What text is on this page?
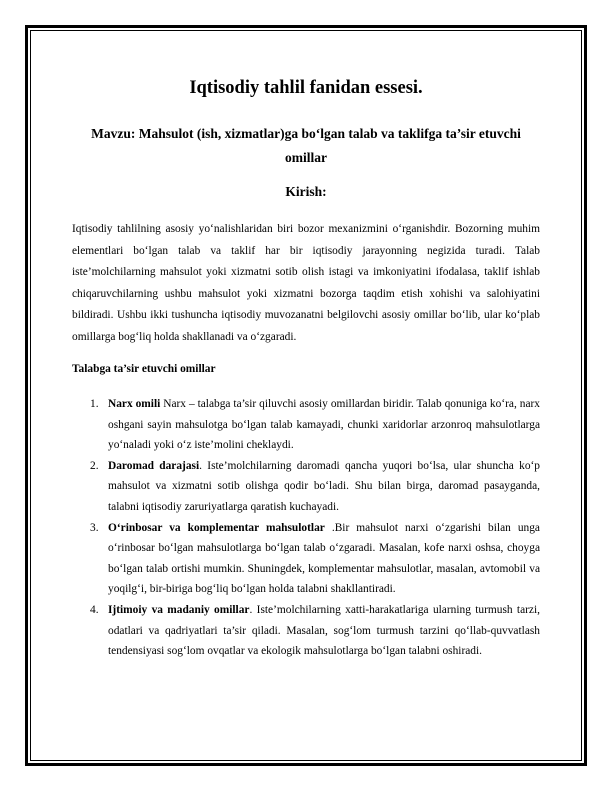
Iqtisodiy tahlil fanidan essesi.
Mavzu: Mahsulot (ish, xizmatlar)ga bo‘lgan talab va taklifga ta’sir etuvchi omillar
Kirish:

Iqtisodiy tahlilning asosiy yo‘nalishlaridan biri bozor mexanizmini o‘rganishdir. Bozorning muhim elementlari bo‘lgan talab va taklif har bir iqtisodiy jarayonning negizida turadi. Talab iste’molchilarning mahsulot yoki xizmatni sotib olish istagi va imkoniyatini ifodalasa, taklif ishlab chiqaruvchilarning ushbu mahsulot yoki xizmatni bozorga taqdim etish xohishi va salohiyatini bildiradi. Ushbu ikki tushuncha iqtisodiy muvozanatni belgilovchi asosiy omillar bo‘lib, ular ko‘plab omillarga bog‘liq holda shakllanadi va o‘zgaradi.

Talabga ta’sir etuvchi omillar

1. Narx omili Narx – talabga ta’sir qiluvchi asosiy omillardan biridir. Talab qonuniga ko‘ra, narx oshgani sayin mahsulotga bo‘lgan talab kamayadi, chunki xaridorlar arzonroq mahsulotlarga yo‘naladi yoki o‘z iste’molini cheklaydi.
2. Daromad darajasi. Iste’molchilarning daromadi qancha yuqori bo‘lsa, ular shuncha ko‘p mahsulot va xizmatni sotib olishga qodir bo‘ladi. Shu bilan birga, daromad pasayganda, talabni iqtisodiy zaruriyatlarga qaratish kuchayadi.
3. O‘rinbosar va komplementar mahsulotlar .Bir mahsulot narxi o‘zgarishi bilan unga o‘rinbosar bo‘lgan mahsulotlarga bo‘lgan talab o‘zgaradi. Masalan, kofe narxi oshsa, choyga bo‘lgan talab ortishi mumkin. Shuningdek, komplementar mahsulotlar, masalan, avtomobil va yoqilg‘i, bir-biriga bog‘liq bo‘lgan holda talabni shakllantiradi.
4. Ijtimoiy va madaniy omillar. Iste’molchilarning xatti-harakatlariga ularning turmush tarzi, odatlari va qadriyatlari ta’sir qiladi. Masalan, sog‘lom turmush tarzini qo‘llab-quvvatlash tendensiyasi sog‘lom ovqatlar va ekologik mahsulotlarga bo‘lgan talabni oshiradi.
